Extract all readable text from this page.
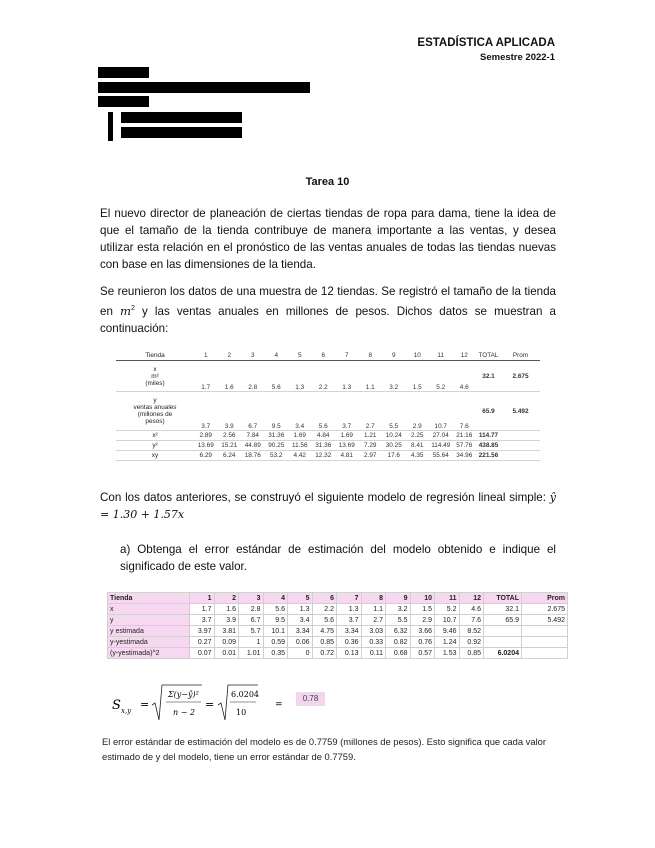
ESTADÍSTICA APLICADA
Semestre 2022-1
Tarea 10

El nuevo director de planeación de ciertas tiendas de ropa para dama, tiene la idea de que el tamaño de la tienda contribuye de manera importante a las ventas, y desea utilizar esta relación en el pronóstico de las ventas anuales de todas las tiendas nuevas con base en las dimensiones de la tienda.

Se reunieron los datos de una muestra de 12 tiendas. Se registró el tamaño de la tienda en $m^2$ y las ventas anuales en millones de pesos. Dichos datos se muestran a continuación:

Tienda	1	2	3	4	5	6	7	8	9	10	11	12	TOTAL	Prom

x
m²
(miles)	1.7	1.6	2.8	5.6	1.3	2.2	1.3	1.1	3.2	1.5	5.2	4.6	32.1	2.675

y
ventas anuales
(millones de
pesos)	3.7	3.9	6.7	9.5	3.4	5.6	3.7	2.7	5.5	2.9	10.7	7.6	65.9	5.492
x²	2.89	2.56	7.84	31.36	1.69	4.84	1.69	1.21	10.24	2.25	27.04	21.16	114.77	
y²	13.69	15.21	44.89	90.25	11.56	31.36	13.69	7.29	30.25	8.41	114.49	57.76	438.85	
xy	6.29	6.24	18.76	53.2	4.42	12.32	4.81	2.97	17.6	4.35	55.64	34.96	221.56	

Con los datos anteriores, se construyó el siguiente modelo de regresión lineal simple: ŷ = 1.30 + 1.57x

a) Obtenga el error estándar de estimación del modelo obtenido e indique el significado de este valor.

Tienda	1	2	3	4	5	6	7	8	9	10	11	12	TOTAL	Prom
x	1.7	1.6	2.8	5.6	1.3	2.2	1.3	1.1	3.2	1.5	5.2	4.6	32.1	2.675
y	3.7	3.9	6.7	9.5	3.4	5.6	3.7	2.7	5.5	2.9	10.7	7.6	65.9	5.492
y estimada	3.97	3.81	5.7	10.1	3.34	4.75	3.34	3.03	6.32	3.66	9.46	8.52		
y-yestimada	0.27	0.09	1	0.59	0.06	0.85	0.36	0.33	0.82	0.76	1.24	0.92		
(y-yestimada)^2	0.07	0.01	1.01	0.35	0	0.72	0.13	0.11	0.68	0.57	1.53	0.85	6.0204	
S x,y =
Σ(y−ŷ)²
n − 2
=
6.0204
10
=
0.78
El error estándar de estimación del modelo es de 0.7759 (millones de pesos). Esto significa que cada valor estimado de y del modelo, tiene un error estándar de 0.7759.
